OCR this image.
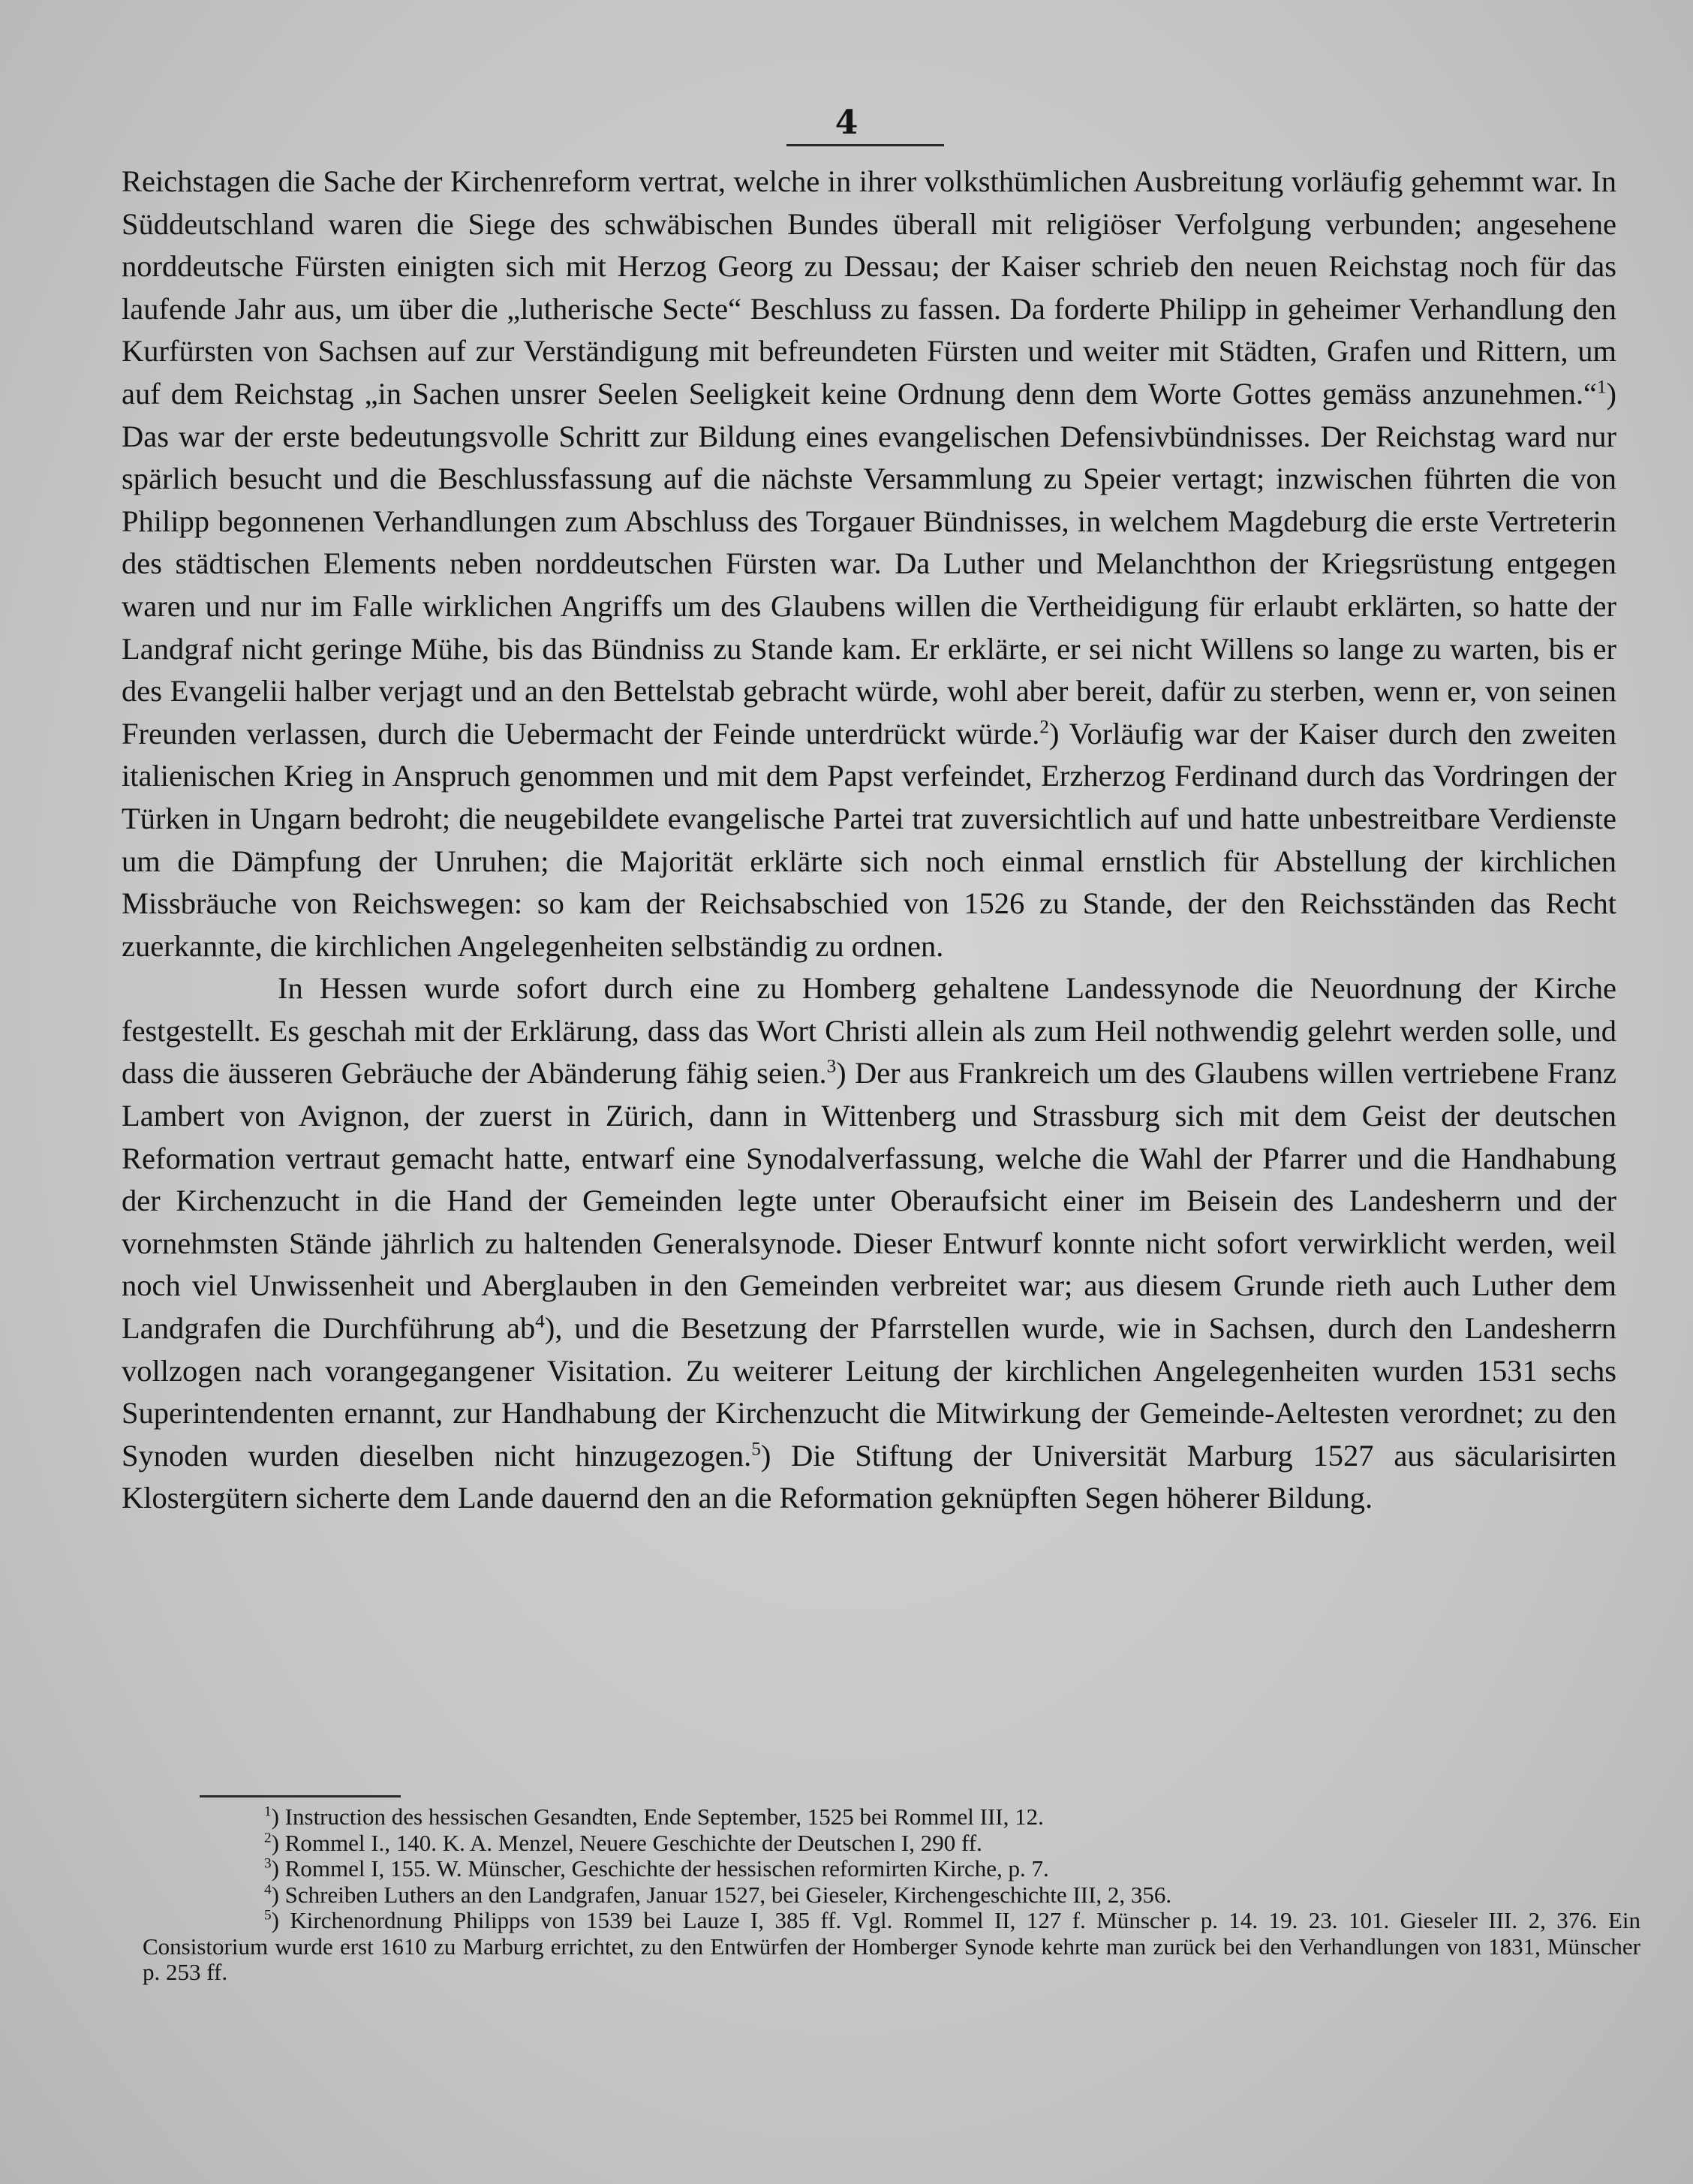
4

Reichstagen die Sache der Kirchenreform vertrat, welche in ihrer volksthümlichen Ausbreitung vorläufig gehemmt war. In Süddeutschland waren die Siege des schwäbischen Bundes überall mit religiöser Verfolgung verbunden; angesehene norddeutsche Fürsten einigten sich mit Herzog Georg zu Dessau; der Kaiser schrieb den neuen Reichstag noch für das laufende Jahr aus, um über die „lutherische Secte“ Beschluss zu fassen. Da forderte Philipp in geheimer Verhandlung den Kurfürsten von Sachsen auf zur Verständigung mit befreundeten Fürsten und weiter mit Städten, Grafen und Rittern, um auf dem Reichstag „in Sachen unsrer Seelen Seeligkeit keine Ordnung denn dem Worte Gottes gemäss anzunehmen.“$^1$) Das war der erste bedeutungsvolle Schritt zur Bildung eines evangelischen Defensivbündnisses. Der Reichstag ward nur spärlich besucht und die Beschlussfassung auf die nächste Versammlung zu Speier vertagt; inzwischen führten die von Philipp begonnenen Verhandlungen zum Abschluss des Torgauer Bündnisses, in welchem Magdeburg die erste Vertreterin des städtischen Elements neben norddeutschen Fürsten war. Da Luther und Melanchthon der Kriegsrüstung entgegen waren und nur im Falle wirklichen Angriffs um des Glaubens willen die Vertheidigung für erlaubt erklärten, so hatte der Landgraf nicht geringe Mühe, bis das Bündniss zu Stande kam. Er erklärte, er sei nicht Willens so lange zu warten, bis er des Evangelii halber verjagt und an den Bettelstab gebracht würde, wohl aber bereit, dafür zu sterben, wenn er, von seinen Freunden verlassen, durch die Uebermacht der Feinde unterdrückt würde.$^2$) Vorläufig war der Kaiser durch den zweiten italienischen Krieg in Anspruch genommen und mit dem Papst verfeindet, Erzherzog Ferdinand durch das Vordringen der Türken in Ungarn bedroht; die neugebildete evangelische Partei trat zuversichtlich auf und hatte unbestreitbare Verdienste um die Dämpfung der Unruhen; die Majorität erklärte sich noch einmal ernstlich für Abstellung der kirchlichen Missbräuche von Reichswegen: so kam der Reichsabschied von 1526 zu Stande, der den Reichsständen das Recht zuerkannte, die kirchlichen Angelegenheiten selbständig zu ordnen.

In Hessen wurde sofort durch eine zu Homberg gehaltene Landessynode die Neuordnung der Kirche festgestellt. Es geschah mit der Erklärung, dass das Wort Christi allein als zum Heil nothwendig gelehrt werden solle, und dass die äusseren Gebräuche der Abänderung fähig seien.$^3$) Der aus Frankreich um des Glaubens willen vertriebene Franz Lambert von Avignon, der zuerst in Zürich, dann in Wittenberg und Strassburg sich mit dem Geist der deutschen Reformation vertraut gemacht hatte, entwarf eine Synodalverfassung, welche die Wahl der Pfarrer und die Handhabung der Kirchenzucht in die Hand der Gemeinden legte unter Oberaufsicht einer im Beisein des Landesherrn und der vornehmsten Stände jährlich zu haltenden Generalsynode. Dieser Entwurf konnte nicht sofort verwirklicht werden, weil noch viel Unwissenheit und Aberglauben in den Gemeinden verbreitet war; aus diesem Grunde rieth auch Luther dem Landgrafen die Durchführung $ab^4$), und die Besetzung der Pfarrstellen wurde, wie in Sachsen, durch den Landesherrn vollzogen nach vorangegangener Visitation. Zu weiterer Leitung der kirchlichen Angelegenheiten wurden 1531 sechs Superintendenten ernannt, zur Handhabung der Kirchenzucht die Mitwirkung der Gemeinde-Aeltesten verordnet; zu den Synoden wurden dieselben nicht hinzugezogen.$^5$) Die Stiftung der Universität Marburg 1527 aus säcularisirten Klostergütern sicherte dem Lande dauernd den an die Reformation geknüpften Segen höherer Bildung.

$^1$) Instruction des hessischen Gesandten, Ende September, 1525 bei Rommel III, 12.

$^2$) Rommel I., 140. K. A. Menzel, Neuere Geschichte der Deutschen I, 290 ff.

$^3$) Rommel I, 155. W. Münscher, Geschichte der hessischen reformirten Kirche, p. 7.

$^4$) Schreiben Luthers an den Landgrafen, Januar 1527, bei Gieseler, Kirchengeschichte III, 2, 356.

$^5$) Kirchenordnung Philipps von 1539 bei Lauze I, 385 ff. Vgl. Rommel II, 127 f. Münscher p. 14. 19. 23. 101. Gieseler III. 2, 376. Ein Consistorium wurde erst 1610 zu Marburg errichtet, zu den Entwürfen der Homberger Synode kehrte man zurück bei den Verhandlungen von 1831, Münscher p. 253 ff.
